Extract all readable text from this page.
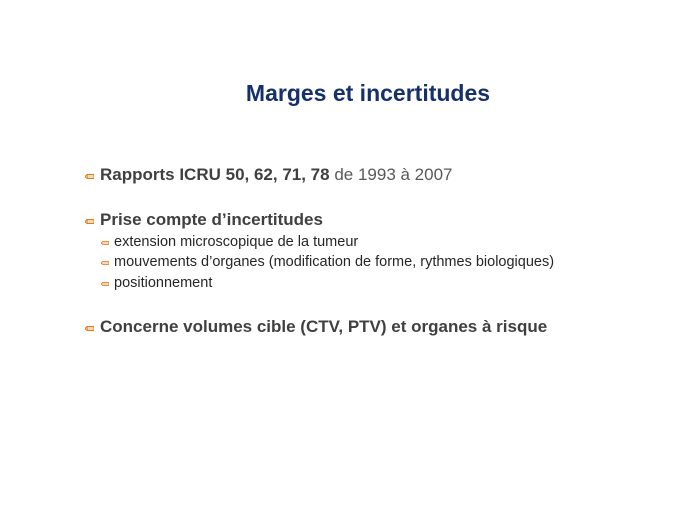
Marges et incertitudes
Rapports ICRU 50, 62, 71, 78 de 1993 à 2007
Prise compte d’incertitudes
extension microscopique de la tumeur
mouvements d’organes (modification de forme, rythmes biologiques)
positionnement
Concerne volumes cible (CTV, PTV) et organes à risque
